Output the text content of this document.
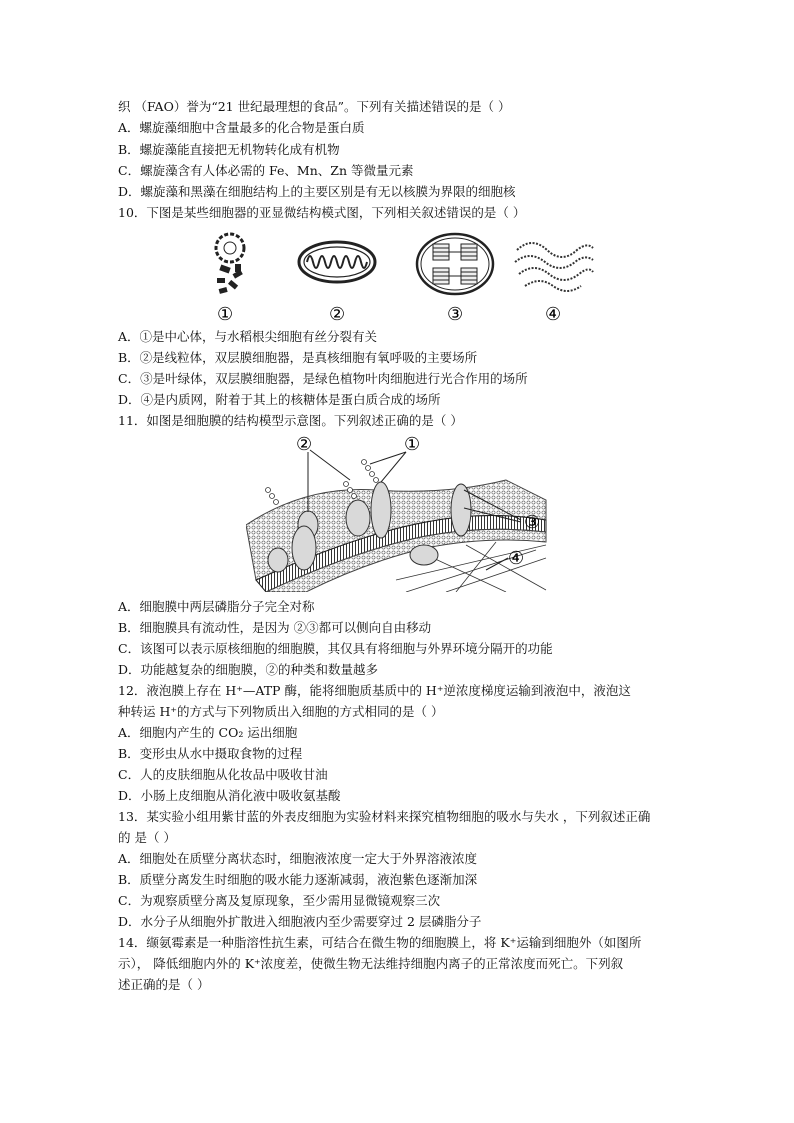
织 （FAO）誉为“21 世纪最理想的食品”。下列有关描述错误的是（ ）
A．螺旋藻细胞中含量最多的化合物是蛋白质
B．螺旋藻能直接把无机物转化成有机物
C．螺旋藻含有人体必需的 Fe、Mn、Zn 等微量元素
D．螺旋藻和黑藻在细胞结构上的主要区别是有无以核膜为界限的细胞核
10．下图是某些细胞器的亚显微结构模式图，下列相关叙述错误的是（ ）
①	②	③	④
A．①是中心体，与水稻根尖细胞有丝分裂有关
B．②是线粒体，双层膜细胞器，是真核细胞有氧呼吸的主要场所
C．③是叶绿体，双层膜细胞器，是绿色植物叶肉细胞进行光合作用的场所
D．④是内质网，附着于其上的核糖体是蛋白质合成的场所
11．如图是细胞膜的结构模型示意图。下列叙述正确的是（ ）
②	①
③
④
A．细胞膜中两层磷脂分子完全对称
B．细胞膜具有流动性，是因为 ②③都可以侧向自由移动
C．该图可以表示原核细胞的细胞膜，其仅具有将细胞与外界环境分隔开的功能
D．功能越复杂的细胞膜，②的种类和数量越多
12．液泡膜上存在 H⁺—ATP 酶，能将细胞质基质中的 H⁺逆浓度梯度运输到液泡中，液泡这
种转运 H⁺的方式与下列物质出入细胞的方式相同的是（ ）
A．细胞内产生的 CO₂ 运出细胞
B．变形虫从水中摄取食物的过程
C．人的皮肤细胞从化妆品中吸收甘油
D．小肠上皮细胞从消化液中吸收氨基酸
13．某实验小组用紫甘蓝的外表皮细胞为实验材料来探究植物细胞的吸水与失水 ，下列叙述正确
的 是（ ）
A．细胞处在质壁分离状态时，细胞液浓度一定大于外界溶液浓度
B．质壁分离发生时细胞的吸水能力逐渐减弱，液泡紫色逐渐加深
C．为观察质壁分离及复原现象，至少需用显微镜观察三次
D．水分子从细胞外扩散进入细胞液内至少需要穿过 2 层磷脂分子
14．缬氨霉素是一种脂溶性抗生素，可结合在微生物的细胞膜上，将 K⁺运输到细胞外（如图所
示）， 降低细胞内外的 K⁺浓度差，使微生物无法维持细胞内离子的正常浓度而死亡。下列叙
述正确的是（ ）
